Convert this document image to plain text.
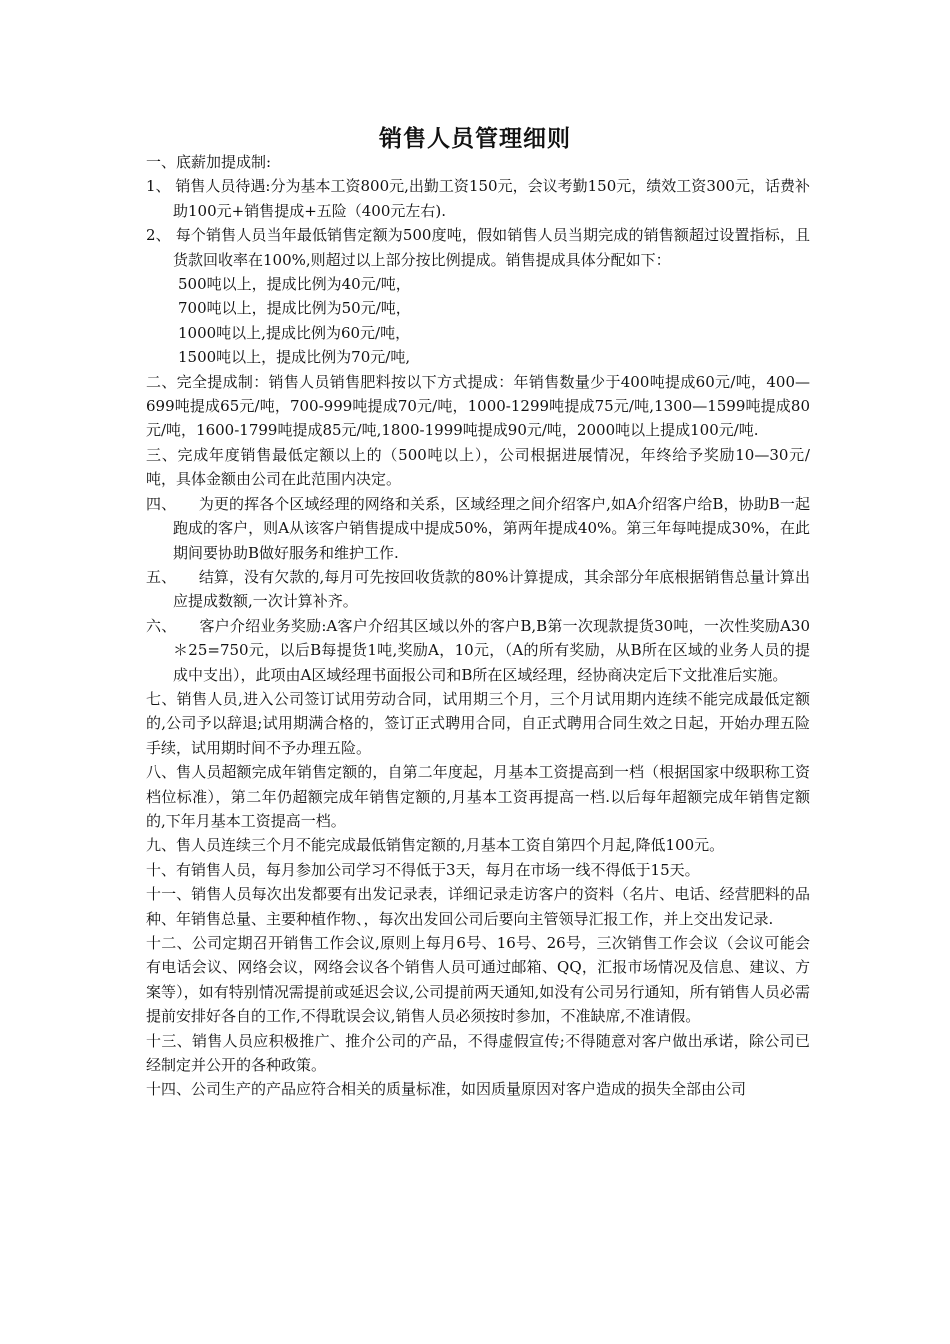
销售人员管理细则

一、底薪加提成制:

1、 销售人员待遇:分为基本工资800元,出勤工资150元，会议考勤150元，绩效工资300元，话费补助100元+销售提成+五险（400元左右).

2、 每个销售人员当年最低销售定额为500度吨，假如销售人员当期完成的销售额超过设置指标，且货款回收率在100%,则超过以上部分按比例提成。销售提成具体分配如下：

500吨以上，提成比例为40元/吨，

700吨以上，提成比例为50元/吨，

1000吨以上,提成比例为60元/吨，

1500吨以上，提成比例为70元/吨,

二、完全提成制：销售人员销售肥料按以下方式提成：年销售数量少于400吨提成60元/吨，400—699吨提成65元/吨，700-999吨提成70元/吨，1000-1299吨提成75元/吨,1300—1599吨提成80元/吨，1600-1799吨提成85元/吨,1800-1999吨提成90元/吨，2000吨以上提成100元/吨.

三、完成年度销售最低定额以上的（500吨以上），公司根据进展情况，年终给予奖励10—30元/吨，具体金额由公司在此范围内决定。

四、　　为更的挥各个区域经理的网络和关系，区域经理之间介绍客户,如A介绍客户给B，协助B一起跑成的客户，则A从该客户销售提成中提成50%，第两年提成40%。第三年每吨提成30%，在此期间要协助B做好服务和维护工作.

五、　　结算，没有欠款的,每月可先按回收货款的80%计算提成，其余部分年底根据销售总量计算出应提成数额,一次计算补齐。

六、　　客户介绍业务奖励:A客户介绍其区域以外的客户B,B第一次现款提货30吨，一次性奖励A30＊25=750元，以后B每提货1吨,奖励A，10元，（A的所有奖励，从B所在区域的业务人员的提成中支出），此项由A区域经理书面报公司和B所在区域经理，经协商决定后下文批准后实施。

七、销售人员,进入公司签订试用劳动合同，试用期三个月，三个月试用期内连续不能完成最低定额的,公司予以辞退;试用期满合格的，签订正式聘用合同，自正式聘用合同生效之日起，开始办理五险手续，试用期时间不予办理五险。

八、售人员超额完成年销售定额的，自第二年度起，月基本工资提高到一档（根据国家中级职称工资档位标准），第二年仍超额完成年销售定额的,月基本工资再提高一档.以后每年超额完成年销售定额的,下年月基本工资提高一档。

九、售人员连续三个月不能完成最低销售定额的,月基本工资自第四个月起,降低100元。

十、有销售人员，每月参加公司学习不得低于3天，每月在市场一线不得低于15天。

十一、销售人员每次出发都要有出发记录表，详细记录走访客户的资料（名片、电话、经营肥料的品种、年销售总量、主要种植作物、，每次出发回公司后要向主管领导汇报工作，并上交出发记录.

十二、公司定期召开销售工作会议,原则上每月6号、16号、26号，三次销售工作会议（会议可能会有电话会议、网络会议，网络会议各个销售人员可通过邮箱、QQ，汇报市场情况及信息、建议、方案等），如有特别情况需提前或延迟会议,公司提前两天通知,如没有公司另行通知，所有销售人员必需提前安排好各自的工作,不得耽误会议,销售人员必须按时参加，不准缺席,不准请假。

十三、销售人员应积极推广、推介公司的产品，不得虚假宣传;不得随意对客户做出承诺，除公司已经制定并公开的各种政策。

十四、公司生产的产品应符合相关的质量标准，如因质量原因对客户造成的损失全部由公司
